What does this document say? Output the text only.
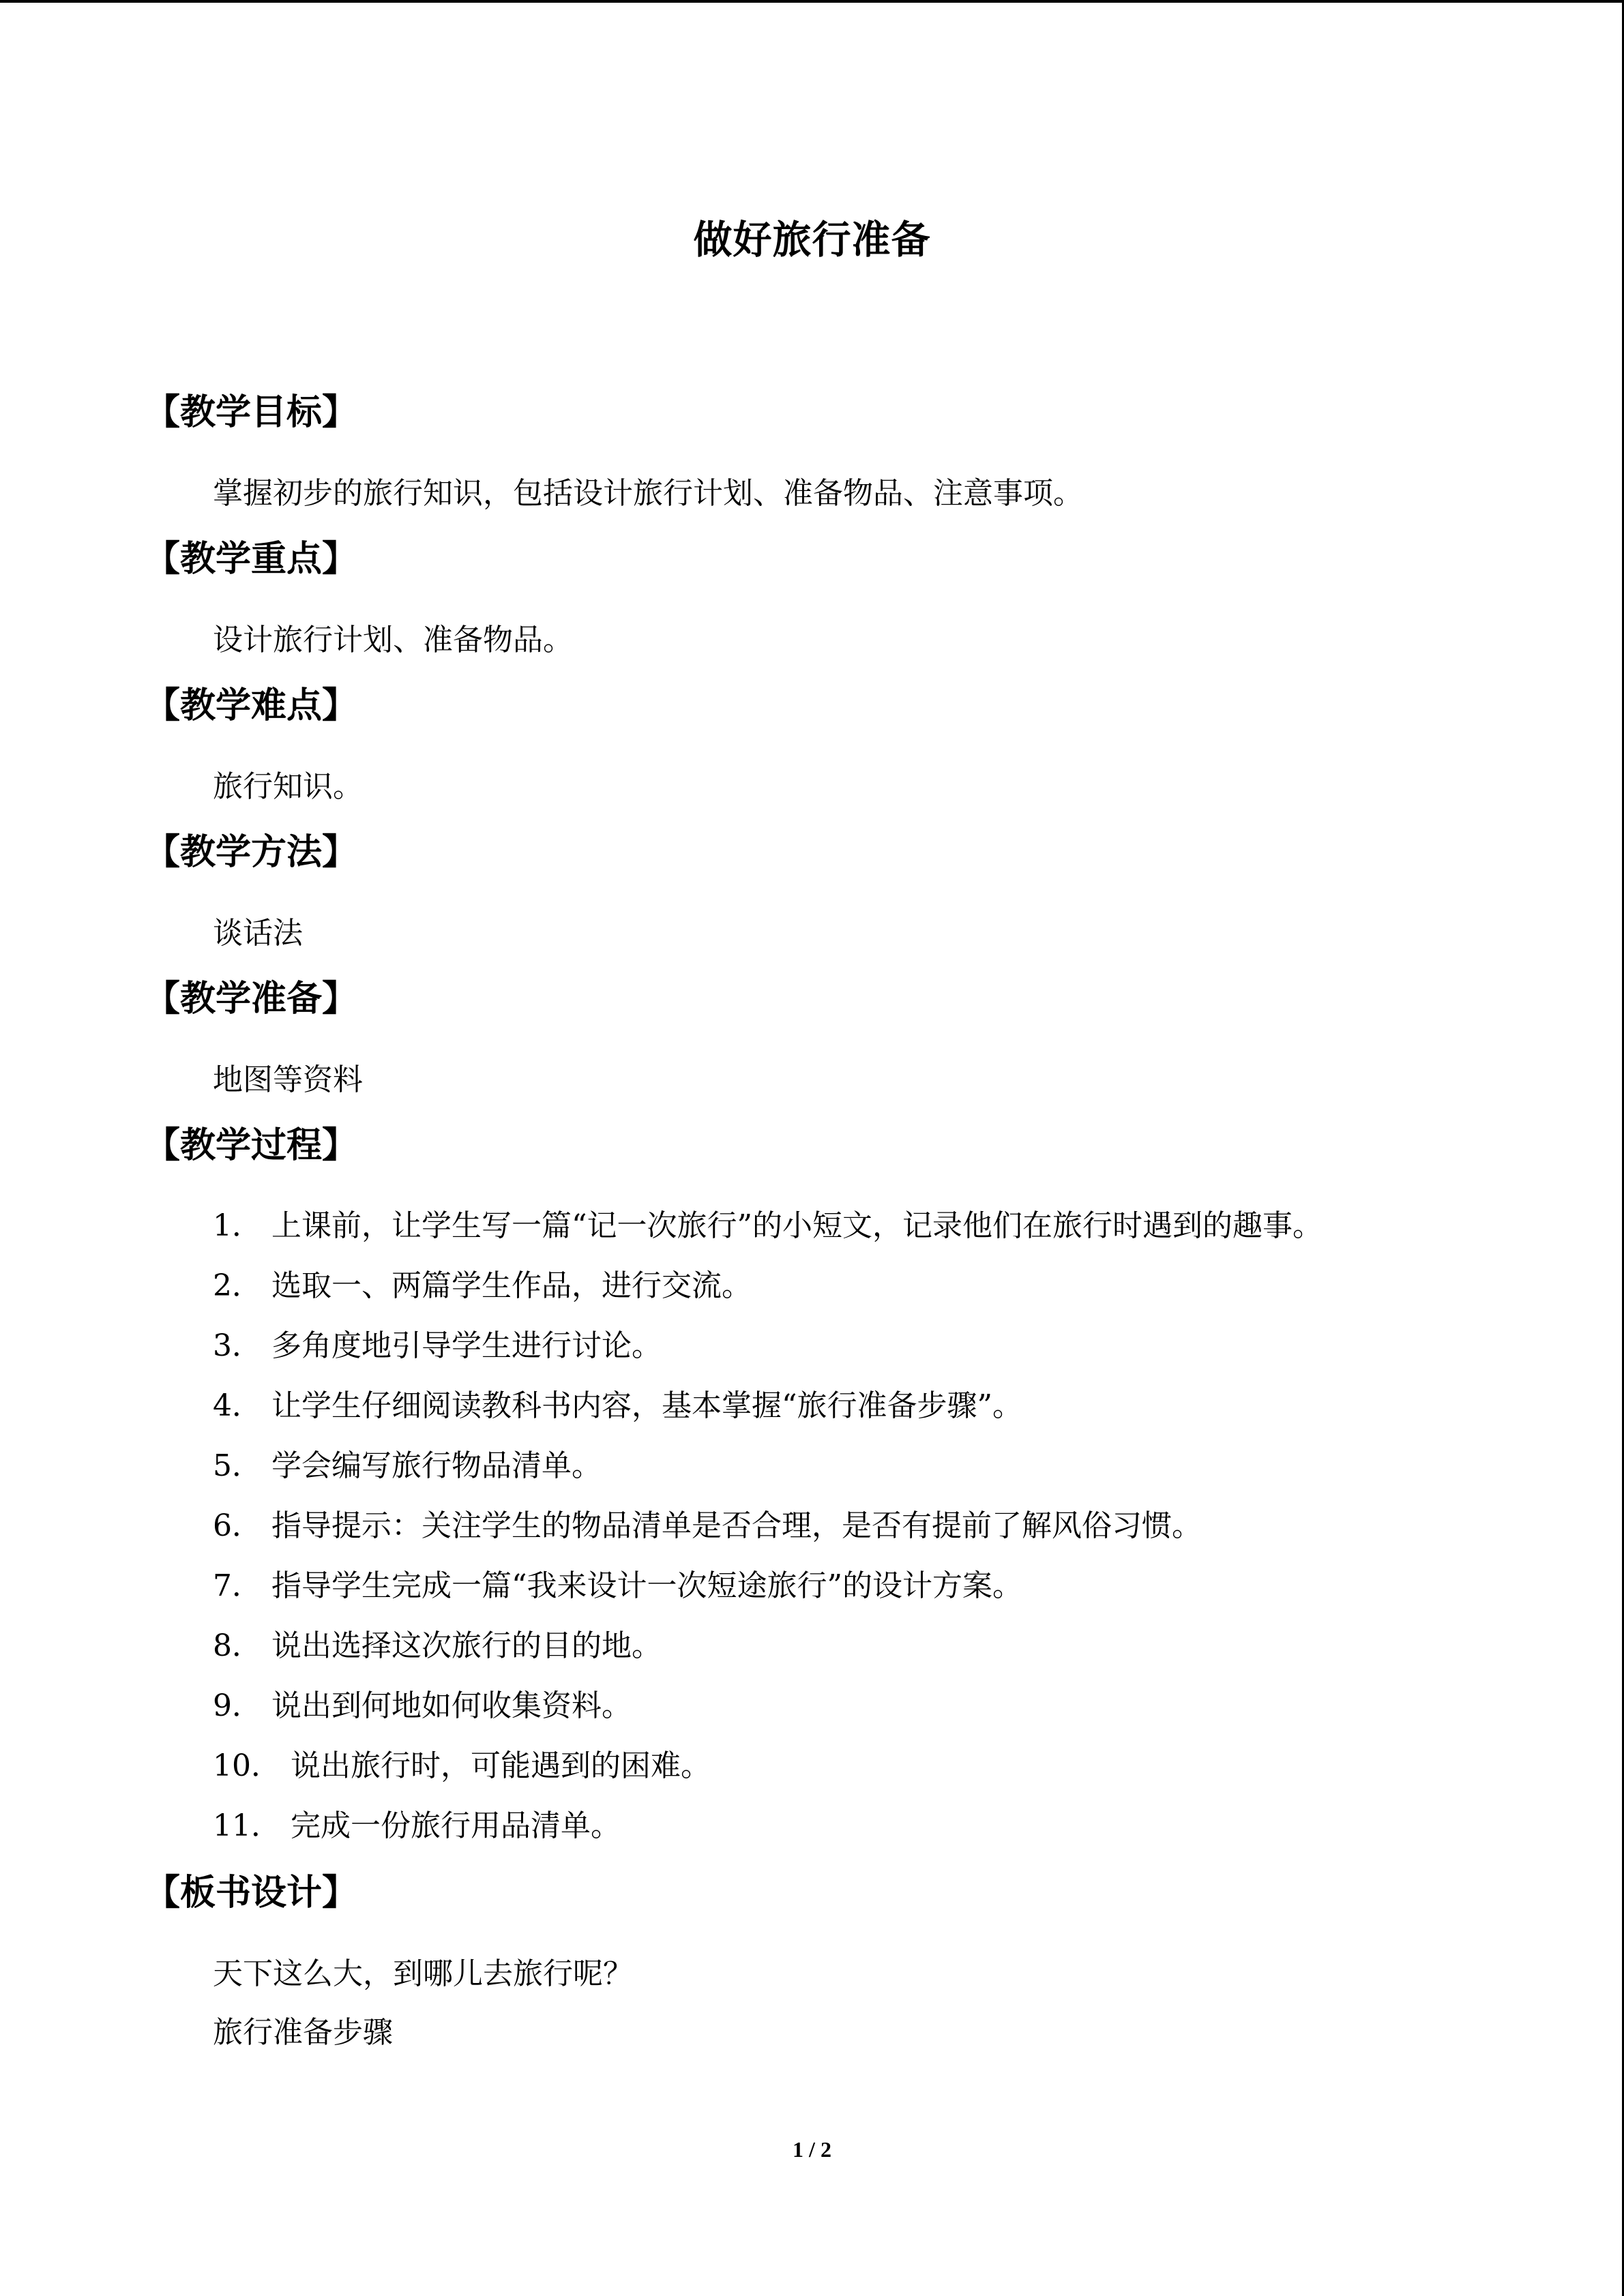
做好旅行准备
【教学目标】
掌握初步的旅行知识，包括设计旅行计划、准备物品、注意事项。
【教学重点】
设计旅行计划、准备物品。
【教学难点】
旅行知识。
【教学方法】
谈话法
【教学准备】
地图等资料
【教学过程】
1． 上课前，让学生写一篇“记一次旅行”的小短文，记录他们在旅行时遇到的趣事。
2． 选取一、两篇学生作品，进行交流。
3． 多角度地引导学生进行讨论。
4． 让学生仔细阅读教科书内容，基本掌握“旅行准备步骤”。
5． 学会编写旅行物品清单。
6． 指导提示：关注学生的物品清单是否合理，是否有提前了解风俗习惯。
7． 指导学生完成一篇“我来设计一次短途旅行”的设计方案。
8． 说出选择这次旅行的目的地。
9． 说出到何地如何收集资料。
10． 说出旅行时，可能遇到的困难。
11． 完成一份旅行用品清单。
【板书设计】
天下这么大，到哪儿去旅行呢？
旅行准备步骤
1 / 2
